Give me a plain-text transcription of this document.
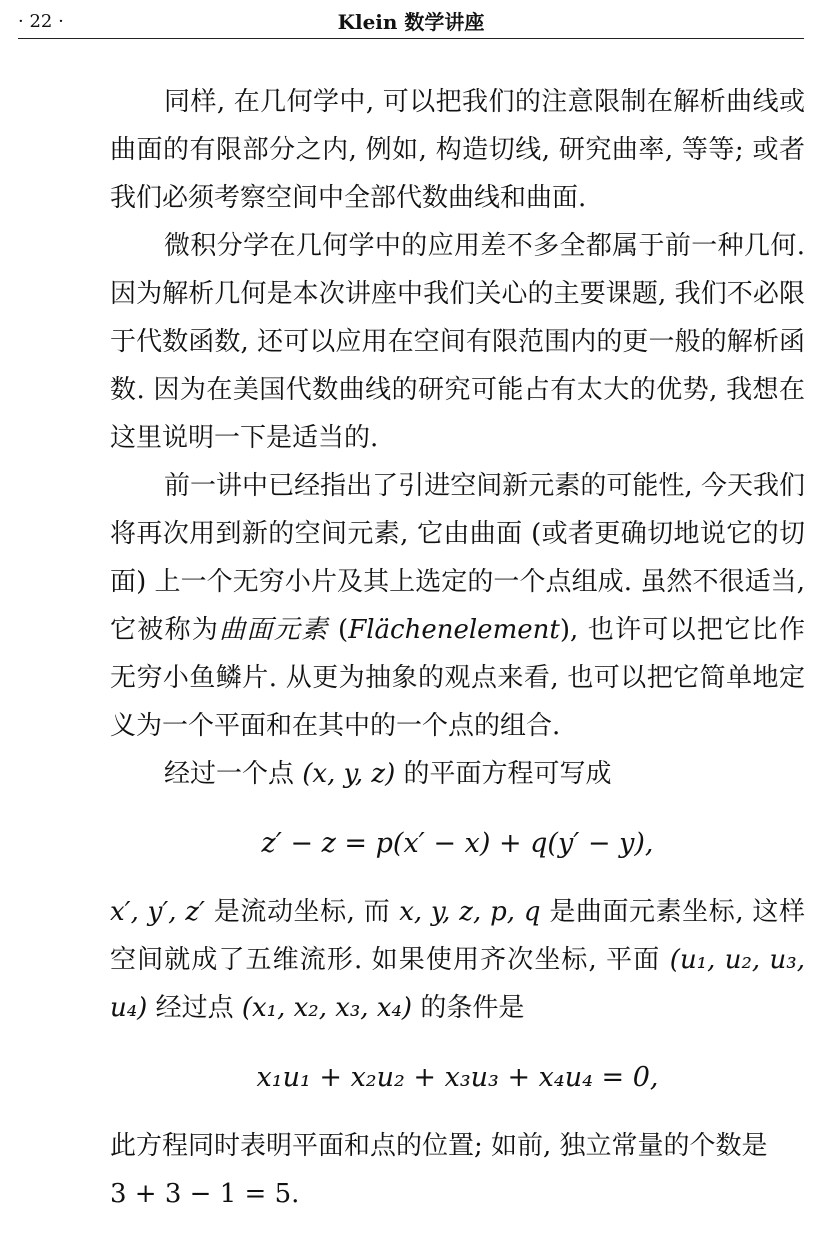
· 22 ·	Klein 数学讲座

同样, 在几何学中, 可以把我们的注意限制在解析曲线或曲面的有限部分之内, 例如, 构造切线, 研究曲率, 等等; 或者我们必须考察空间中全部代数曲线和曲面.

微积分学在几何学中的应用差不多全都属于前一种几何. 因为解析几何是本次讲座中我们关心的主要课题, 我们不必限于代数函数, 还可以应用在空间有限范围内的更一般的解析函数. 因为在美国代数曲线的研究可能占有太大的优势, 我想在这里说明一下是适当的.

前一讲中已经指出了引进空间新元素的可能性, 今天我们将再次用到新的空间元素, 它由曲面 (或者更确切地说它的切面) 上一个无穷小片及其上选定的一个点组成. 虽然不很适当, 它被称为曲面元素 (Flächenelement), 也许可以把它比作无穷小鱼鳞片. 从更为抽象的观点来看, 也可以把它简单地定义为一个平面和在其中的一个点的组合.

经过一个点 (x, y, z) 的平面方程可写成

z′ − z = p(x′ − x) + q(y′ − y),

x′, y′, z′ 是流动坐标, 而 x, y, z, p, q 是曲面元素坐标, 这样空间就成了五维流形. 如果使用齐次坐标, 平面 (u₁, u₂, u₃, u₄) 经过点 (x₁, x₂, x₃, x₄) 的条件是

x₁u₁ + x₂u₂ + x₃u₃ + x₄u₄ = 0,

此方程同时表明平面和点的位置; 如前, 独立常量的个数是
3 + 3 − 1 = 5.
